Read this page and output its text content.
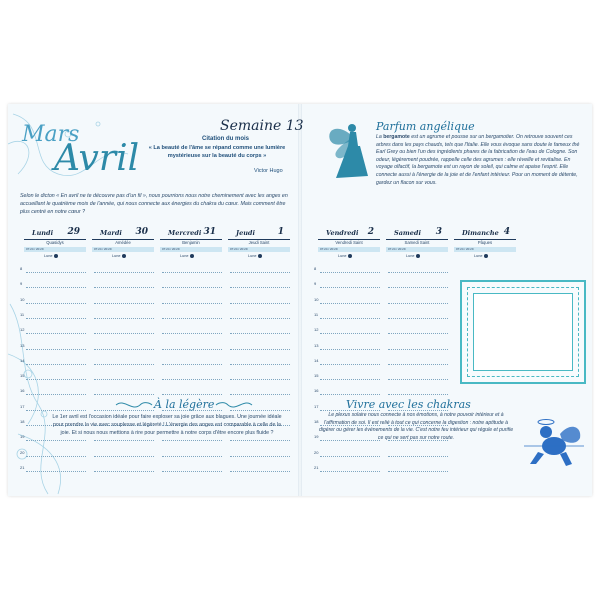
Mars
Avril
Semaine 13
Citation du mois
« La beauté de l'âme se répand comme une lumière mystérieuse sur la beauté du corps »
Victor Hugo
Selon le dicton « En avril ne te découvre pas d'un fil », nous pourrions nous notre cheminement avec les anges en accueillant le quatrième mois de l'année, qui nous connecte aux énergies du chakra du cœur. Mais comment être plus centré en notre cœur ?
Parfum angélique
La bergamote est un agrume et pousse sur un bergamotier. On retrouve souvent ces arbres dans les pays chauds, tels que l'Italie. Elle vous évoque sans doute le fameux thé Earl Grey ou bien l'un des ingrédients phares de la fabrication de l'eau de Cologne. Son odeur, légèrement poudrée, rappelle celle des agrumes : elle réveille et revitalise. En voyage olfactif, la bergamote est un rayon de soleil, qui calme et apaise l'esprit. Elle connecte aussi à l'énergie de la joie et de l'enfant intérieur. Pour un moment de détente, gardez un flacon sur vous.
Lundi 29
Quasidys
07:24 / 20:29
Lune
Mardi 30
Amédée
07:24 / 20:29
Lune
Mercredi 31
Benjamin
07:24 / 20:29
Lune
Jeudi	1
Jeudi Saint
07:24 / 20:29
Lune
Vendredi 2
Vendredi Saint
07:24 / 20:29
Lune
Samedi 3
Samedi Saint
07:24 / 20:29
Lune
Dimanche 4
Pâques
07:24 / 20:29
Lune
8
9
10
11
12
13
14
15
16
17
18
19
20
21
8
9
10
11
12
13
14
15
16
17
18
19
20
21
À la légère
Le 1er avril est l'occasion idéale pour faire exploser sa joie grâce aux blagues. Une journée idéale pour prendre la vie avec souplesse et légèreté ! L'énergie des anges est comparable à celle de la joie. Et si nous nous mettions à rire pour permettre à notre corps d'être encore plus fluide ?
Vivre avec les chakras
Le plexus solaire nous connecte à nos émotions, à notre pouvoir intérieur et à l'affirmation de soi. Il est relié à tout ce qui concerne la digestion : notre aptitude à digérer ou gérer les événements de la vie. C'est notre feu intérieur qui régule et purifie ce qui ne sert pas sur notre route.
